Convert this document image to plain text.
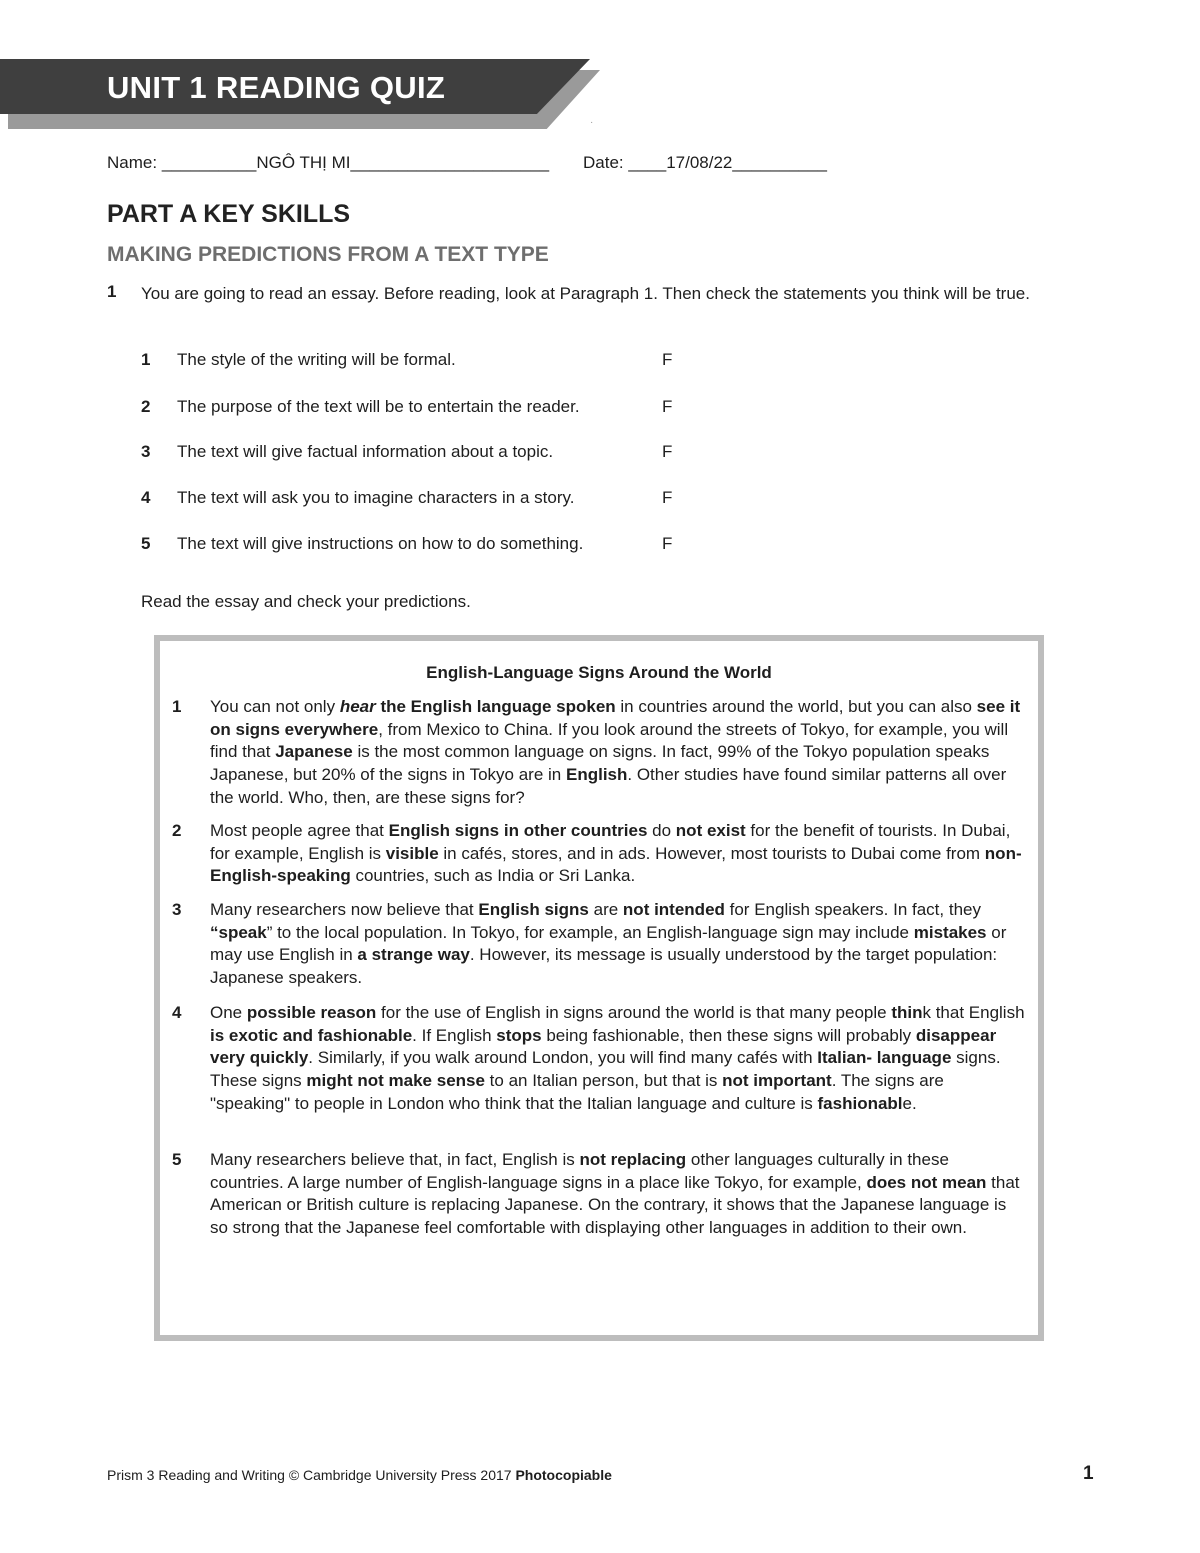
UNIT 1 READING QUIZ
·
Name: __________NGÔ THỊ MI_____________________ Date: ____17/08/22__________
PART A KEY SKILLS
MAKING PREDICTIONS FROM A TEXT TYPE
1 You are going to read an essay. Before reading, look at Paragraph 1. Then check the statements you think will be true.
1 The style of the writing will be formal.	F
2 The purpose of the text will be to entertain the reader.	F
3 The text will give factual information about a topic.	F
4 The text will ask you to imagine characters in a story.	F
5 The text will give instructions on how to do something.	F
Read the essay and check your predictions.
English-Language Signs Around the World
1 You can not only hear the English language spoken in countries around the world, but you can also see it on signs everywhere, from Mexico to China. If you look around the streets of Tokyo, for example, you will find that Japanese is the most common language on signs. In fact, 99% of the Tokyo population speaks Japanese, but 20% of the signs in Tokyo are in English. Other studies have found similar patterns all over the world. Who, then, are these signs for?
2 Most people agree that English signs in other countries do not exist for the benefit of tourists. In Dubai, for example, English is visible in cafés, stores, and in ads. However, most tourists to Dubai come from non-English-speaking countries, such as India or Sri Lanka.
3 Many researchers now believe that English signs are not intended for English speakers. In fact, they “speak” to the local population. In Tokyo, for example, an English-language sign may include mistakes or may use English in a strange way. However, its message is usually understood by the target population: Japanese speakers.
4 One possible reason for the use of English in signs around the world is that many people think that English is exotic and fashionable. If English stops being fashionable, then these signs will probably disappear very quickly. Similarly, if you walk around London, you will find many cafés with Italian- language signs. These signs might not make sense to an Italian person, but that is not important. The signs are "speaking" to people in London who think that the Italian language and culture is fashionable.
5 Many researchers believe that, in fact, English is not replacing other languages culturally in these countries. A large number of English-language signs in a place like Tokyo, for example, does not mean that American or British culture is replacing Japanese. On the contrary, it shows that the Japanese language is so strong that the Japanese feel comfortable with displaying other languages in addition to their own.
Prism 3 Reading and Writing © Cambridge University Press 2017 Photocopiable	1
